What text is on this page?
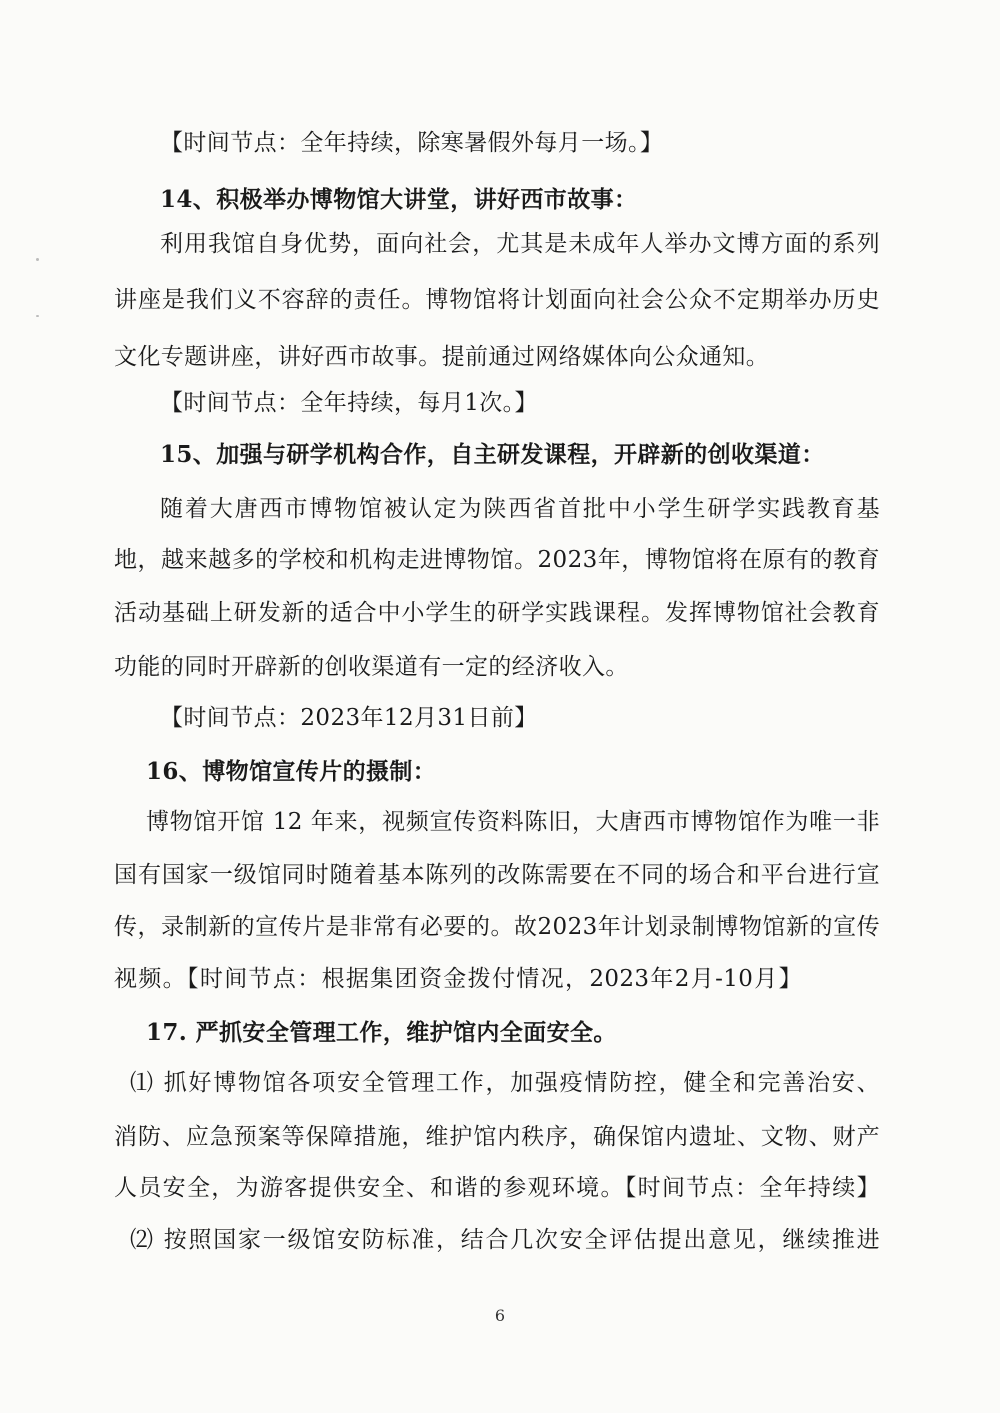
【时间节点：全年持续，除寒暑假外每月一场。】
14、积极举办博物馆大讲堂，讲好西市故事：
利用我馆自身优势，面向社会，尤其是未成年人举办文博方面的系列
讲座是我们义不容辞的责任。博物馆将计划面向社会公众不定期举办历史
文化专题讲座，讲好西市故事。提前通过网络媒体向公众通知。
【时间节点：全年持续，每月1次。】
15、加强与研学机构合作，自主研发课程，开辟新的创收渠道：
随着大唐西市博物馆被认定为陕西省首批中小学生研学实践教育基
地，越来越多的学校和机构走进博物馆。2023年，博物馆将在原有的教育
活动基础上研发新的适合中小学生的研学实践课程。发挥博物馆社会教育
功能的同时开辟新的创收渠道有一定的经济收入。
【时间节点：2023年12月31日前】
16、博物馆宣传片的摄制：
博物馆开馆 12 年来，视频宣传资料陈旧，大唐西市博物馆作为唯一非
国有国家一级馆同时随着基本陈列的改陈需要在不同的场合和平台进行宣
传，录制新的宣传片是非常有必要的。故2023年计划录制博物馆新的宣传
视频。【时间节点：根据集团资金拨付情况，2023年2月-10月】
17. 严抓安全管理工作，维护馆内全面安全。
⑴ 抓好博物馆各项安全管理工作，加强疫情防控，健全和完善治安、
消防、应急预案等保障措施，维护馆内秩序，确保馆内遗址、文物、财产
人员安全，为游客提供安全、和谐的参观环境。【时间节点：全年持续】
⑵ 按照国家一级馆安防标准，结合几次安全评估提出意见，继续推进
6
